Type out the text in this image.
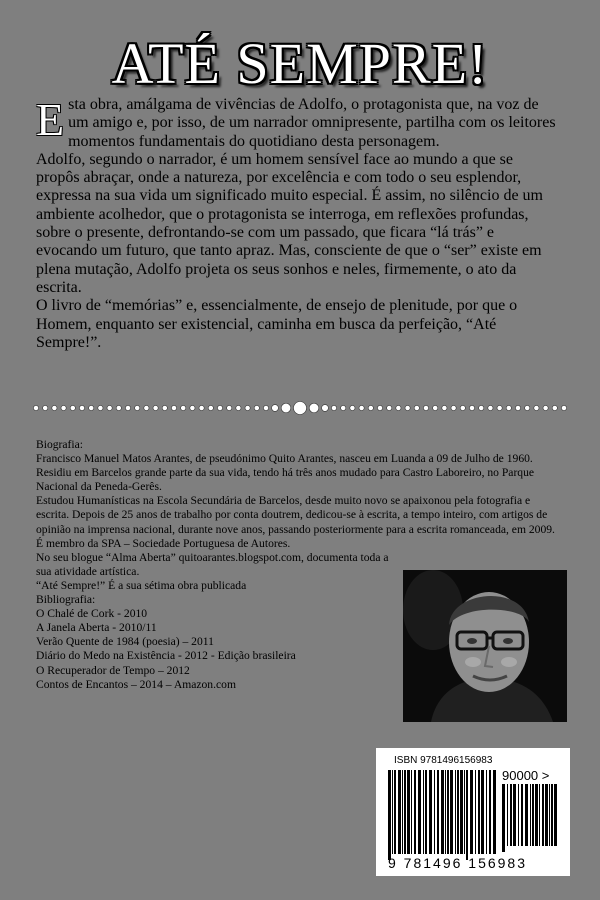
ATÉ SEMPRE!

Esta obra, amálgama de vivências de Adolfo, o protagonista que, na voz de um amigo e, por isso, de um narrador omnipresente, partilha com os leitores momentos fundamentais do quotidiano desta personagem.

Adolfo, segundo o narrador, é um homem sensível face ao mundo a que se propôs abraçar, onde a natureza, por excelência e com todo o seu esplendor, expressa na sua vida um significado muito especial. É assim, no silêncio de um ambiente acolhedor, que o protagonista se interroga, em reflexões profundas, sobre o presente, defrontando-se com um passado, que ficara “lá trás” e evocando um futuro, que tanto apraz. Mas, consciente de que o “ser” existe em plena mutação, Adolfo projeta os seus sonhos e neles, firmemente, o ato da escrita.

O livro de “memórias” e, essencialmente, de ensejo de plenitude, por que o Homem, enquanto ser existencial, caminha em busca da perfeição, “Até Sempre!”.

Biografia:
Francisco Manuel Matos Arantes, de pseudónimo Quito Arantes, nasceu em Luanda a 09 de Julho de 1960. Residiu em Barcelos grande parte da sua vida, tendo há três anos mudado para Castro Laboreiro, no Parque Nacional da Peneda-Gerês.
Estudou Humanísticas na Escola Secundária de Barcelos, desde muito novo se apaixonou pela fotografia e escrita. Depois de 25 anos de trabalho por conta doutrem, dedicou-se à escrita, a tempo inteiro, com artigos de opinião na imprensa nacional, durante nove anos, passando posteriormente para a escrita romanceada, em 2009.
É membro da SPA – Sociedade Portuguesa de Autores.
No seu blogue “Alma Aberta” quitoarantes.blogspot.com, documenta toda a sua atividade artística.
“Até Sempre!” É a sua sétima obra publicada
Bibliografia:
O Chalé de Cork - 2010
A Janela Aberta - 2010/11
Verão Quente de 1984 (poesia) – 2011
Diário do Medo na Existência - 2012 - Edição brasileira
O Recuperador de Tempo – 2012
Contos de Encantos – 2014 – Amazon.com
ISBN 9781496156983
90000 >
9 781496 156983
